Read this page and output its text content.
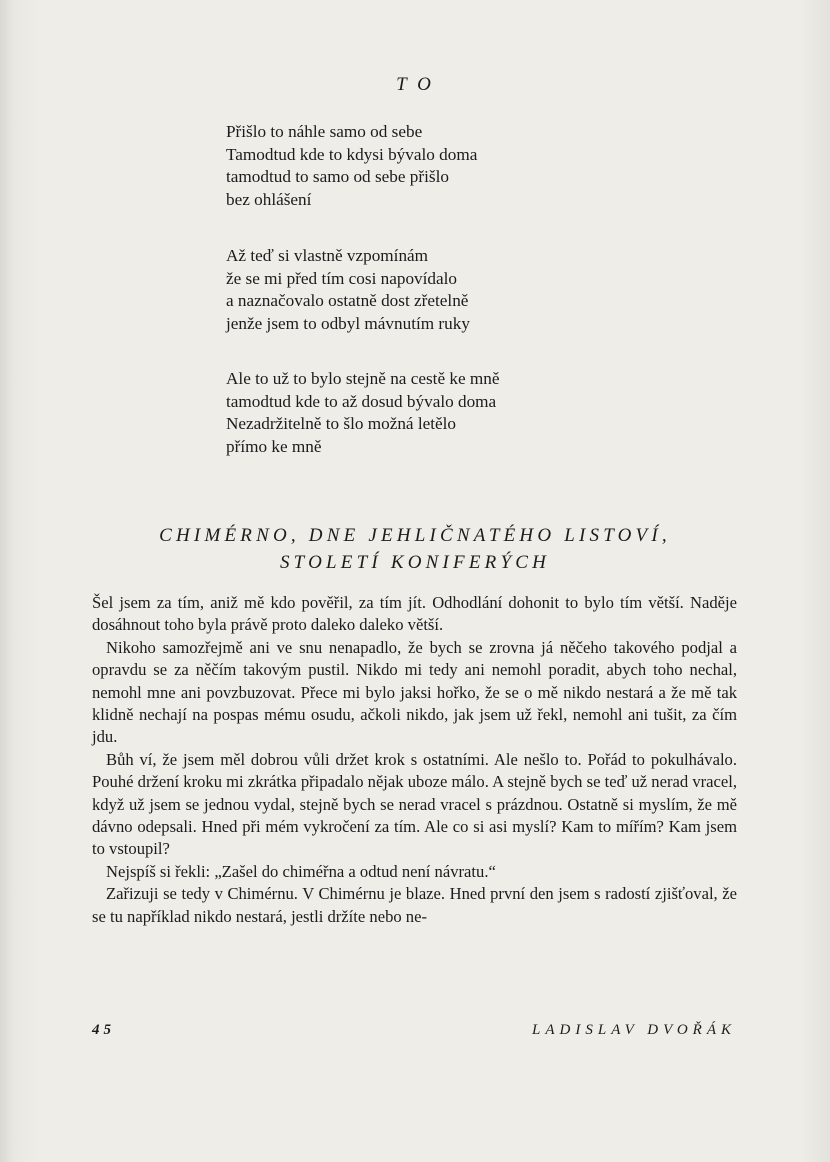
T O
Přišlo to náhle samo od sebe
Tamodtud kde to kdysi bývalo doma
tamodtud to samo od sebe přišlo
bez ohlášení
Až teď si vlastně vzpomínám
že se mi před tím cosi napovídalo
a naznačovalo ostatně dost zřetelně
jenže jsem to odbyl mávnutím ruky
Ale to už to bylo stejně na cestě ke mně
tamodtud kde to až dosud bývalo doma
Nezadržitelně to šlo možná letělo
přímo ke mně
CHIMÉRNO, DNE JEHLIČNATÉHO LISTOVÍ,
STOLETÍ KONIFERÝCH

Šel jsem za tím, aniž mě kdo pověřil, za tím jít. Odhodlání dohonit to bylo tím větší. Naděje dosáhnout toho byla právě proto daleko daleko větší.

Nikoho samozřejmě ani ve snu nenapadlo, že bych se zrovna já něčeho takového podjal a opravdu se za něčím takovým pustil. Nikdo mi tedy ani nemohl poradit, abych toho nechal, nemohl mne ani povzbuzovat. Přece mi bylo jaksi hořko, že se o mě nikdo nestará a že mě tak klidně nechají na pospas mému osudu, ačkoli nikdo, jak jsem už řekl, nemohl ani tušit, za čím jdu.

Bůh ví, že jsem měl dobrou vůli držet krok s ostatními. Ale nešlo to. Pořád to pokulhávalo. Pouhé držení kroku mi zkrátka připadalo nějak uboze málo. A stejně bych se teď už nerad vracel, když už jsem se jednou vydal, stejně bych se nerad vracel s prázdnou. Ostatně si myslím, že mě dávno odepsali. Hned při mém vykročení za tím. Ale co si asi myslí? Kam to mířím? Kam jsem to vstoupil?

Nejspíš si řekli: „Zašel do chiméřna a odtud není návratu.“

Zařizuji se tedy v Chimérnu. V Chimérnu je blaze. Hned první den jsem s radostí zjišťoval, že se tu například nikdo nestará, jestli držíte nebo ne-

45	LADISLAV DVOŘÁK
